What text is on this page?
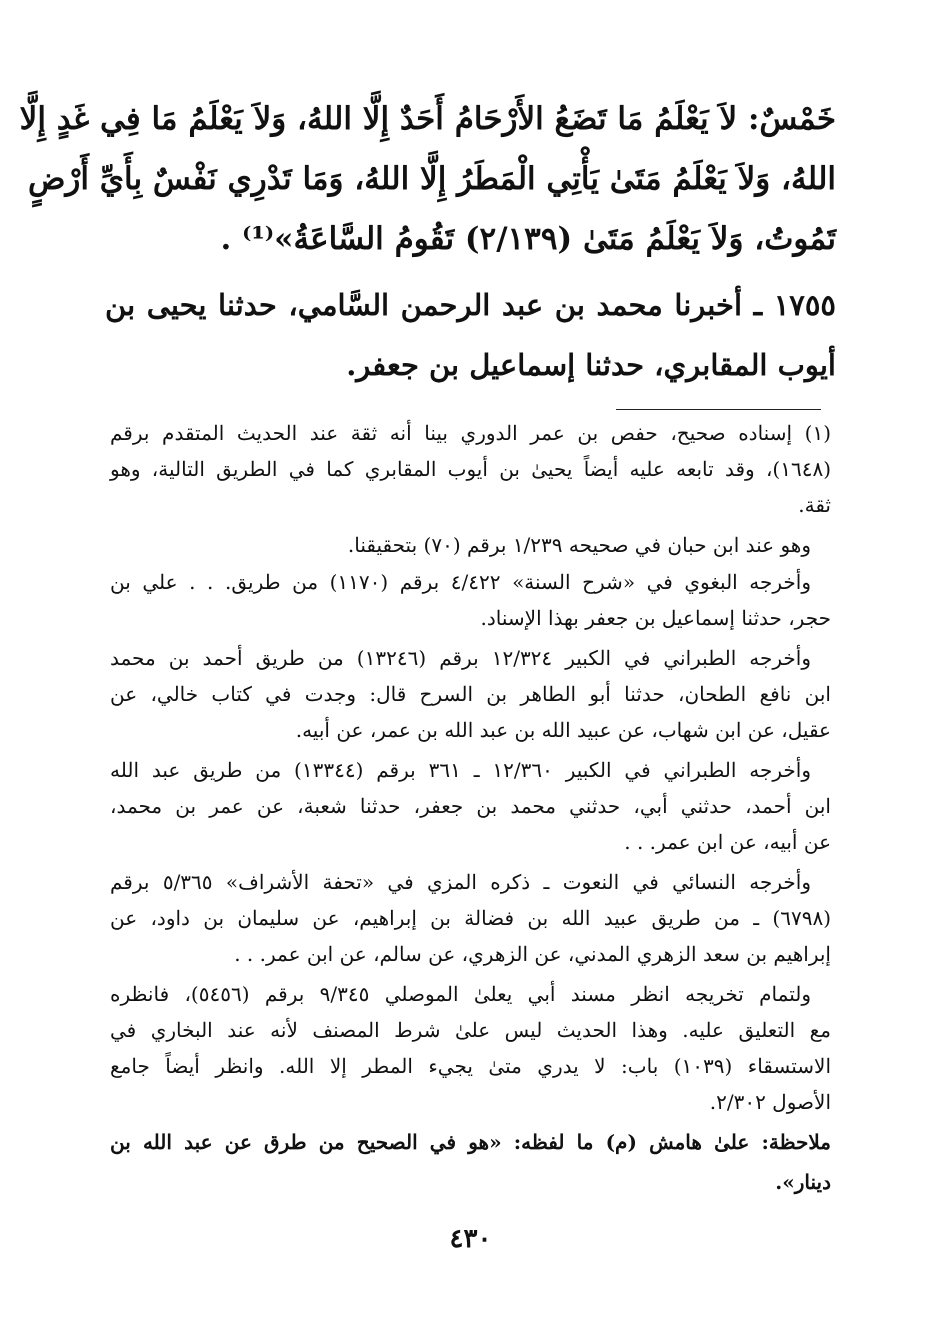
خَمْسٌ: لاَ يَعْلَمُ مَا تَضَعُ الأَرْحَامُ أَحَدٌ إِلَّا اللهُ، وَلاَ يَعْلَمُ مَا فِي غَدٍ إِلَّا

اللهُ، وَلاَ يَعْلَمُ مَتَىٰ يَأْتِي الْمَطَرُ إِلَّا اللهُ، وَمَا تَدْرِي نَفْسٌ بِأَيِّ أَرْضٍ

تَمُوتُ، وَلاَ يَعْلَمُ مَتَىٰ (٢/١٣٩) تَقُومُ السَّاعَةُ»⁽¹⁾ .

١٧٥٥ ـ أخبرنا محمد بن عبد الرحمن السَّامي، حدثنا يحيى بن

أيوب المقابري، حدثنا إسماعيل بن جعفر.

(١) إسناده صحيح، حفص بن عمر الدوري بينا أنه ثقة عند الحديث المتقدم برقم

(١٦٤٨)، وقد تابعه عليه أيضاً يحيىٰ بن أيوب المقابري كما في الطريق التالية، وهو

ثقة.

وهو عند ابن حبان في صحيحه ١/٢٣٩ برقم (٧٠) بتحقيقنا.

وأخرجه البغوي في «شرح السنة» ٤/٤٢٢ برقم (١١٧٠) من طريق. . . علي بن

حجر، حدثنا إسماعيل بن جعفر بهذا الإسناد.

وأخرجه الطبراني في الكبير ١٢/٣٢٤ برقم (١٣٢٤٦) من طريق أحمد بن محمد

ابن نافع الطحان، حدثنا أبو الطاهر بن السرح قال: وجدت في كتاب خالي، عن

عقيل، عن ابن شهاب، عن عبيد الله بن عبد الله بن عمر، عن أبيه.

وأخرجه الطبراني في الكبير ١٢/٣٦٠ ـ ٣٦١ برقم (١٣٣٤٤) من طريق عبد الله

ابن أحمد، حدثني أبي، حدثني محمد بن جعفر، حدثنا شعبة، عن عمر بن محمد،

عن أبيه، عن ابن عمر. . .

وأخرجه النسائي في النعوت ـ ذكره المزي في «تحفة الأشراف» ٥/٣٦٥ برقم

(٦٧٩٨) ـ من طريق عبيد الله بن فضالة بن إبراهيم، عن سليمان بن داود، عن

إبراهيم بن سعد الزهري المدني، عن الزهري، عن سالم، عن ابن عمر. . .

ولتمام تخريجه انظر مسند أبي يعلىٰ الموصلي ٩/٣٤٥ برقم (٥٤٥٦)، فانظره

مع التعليق عليه. وهذا الحديث ليس علىٰ شرط المصنف لأنه عند البخاري في

الاستسقاء (١٠٣٩) باب: لا يدري متىٰ يجيء المطر إلا الله. وانظر أيضاً جامع

الأصول ٢/٣٠٢.

ملاحظة: علىٰ هامش (م) ما لفظه: «هو في الصحيح من طرق عن عبد الله بن

دينار».

٤٣٠
